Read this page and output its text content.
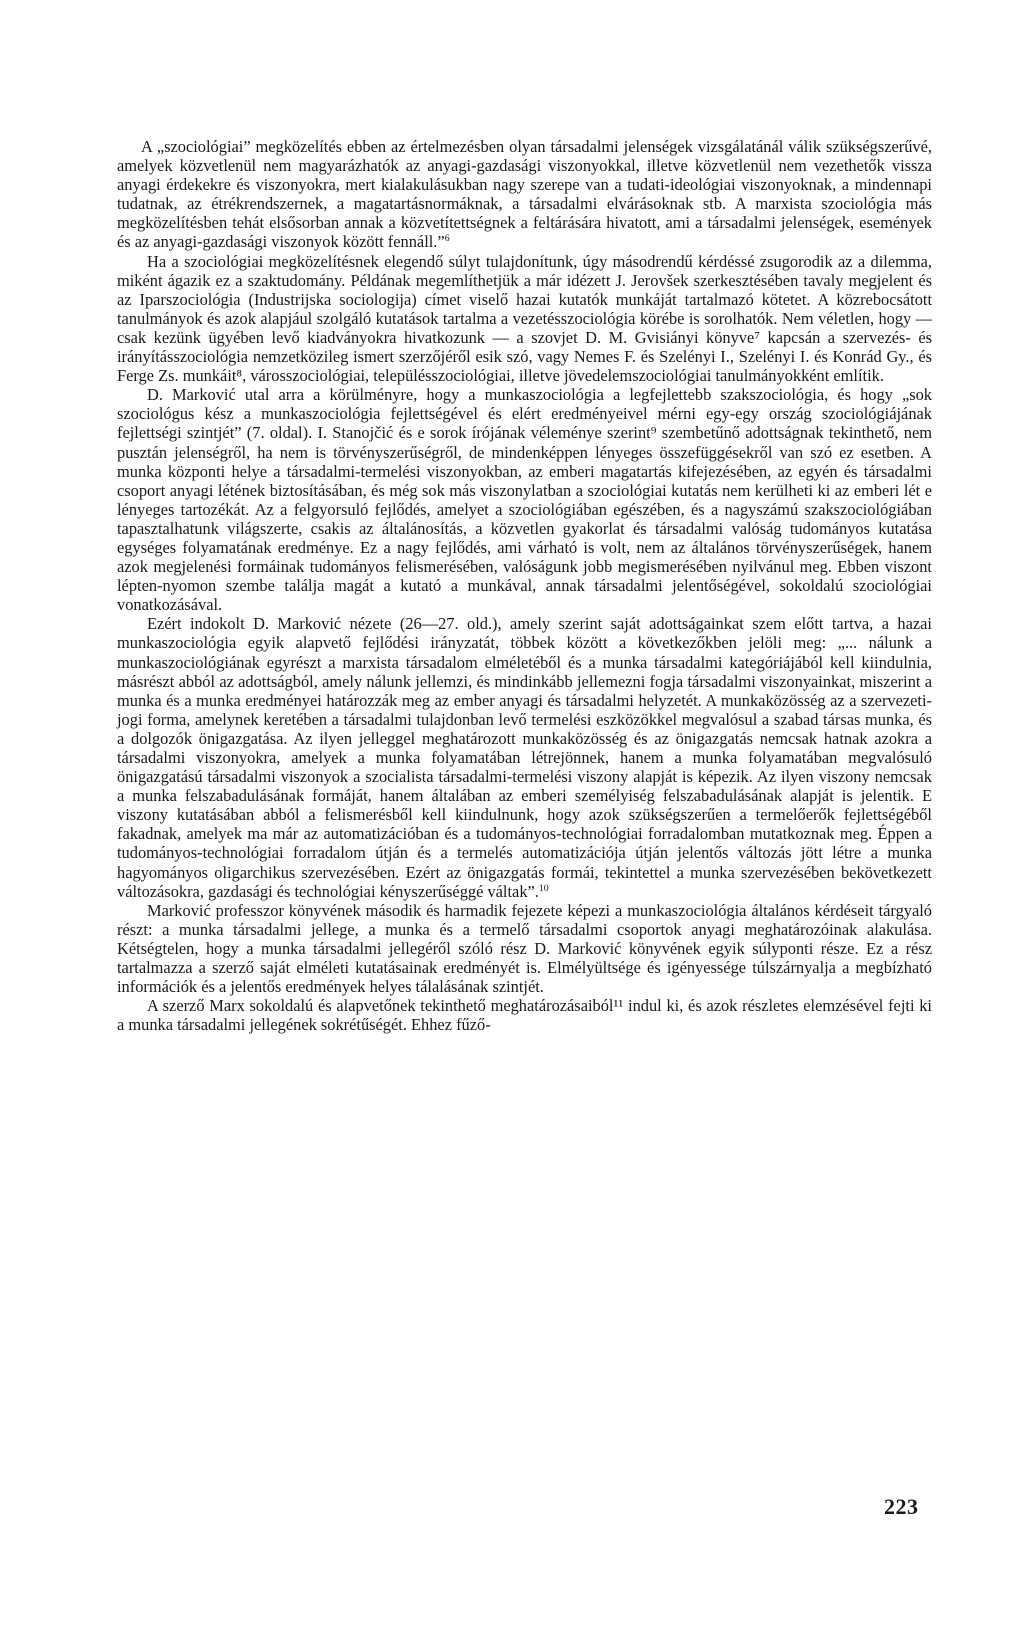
A „szociológiai” megközelítés ebben az értelmezésben olyan társadalmi jelenségek vizsgálatánál válik szükségszerűvé, amelyek közvetlenül nem magyarázhatók az anyagi-gazdasági viszonyokkal, illetve közvetlenül nem vezethetők vissza anyagi érdekekre és viszonyokra, mert kialakulásukban nagy szerepe van a tudati-ideológiai viszonyoknak, a mindennapi tudatnak, az étrékrendszernek, a magatartásnormáknak, a társadalmi elvárásoknak stb. A marxista szociológia más megközelítésben tehát elsősorban annak a közvetítettségnek a feltárására hivatott, ami a társadalmi jelenségek, események és az anyagi-gazdasági viszonyok között fennáll.”$^6$

Ha a szociológiai megközelítésnek elegendő súlyt tulajdonítunk, úgy másodrendű kérdéssé zsugorodik az a dilemma, miként ágazik ez a szaktudomány. Példának megemlíthetjük a már idézett J. Jerovšek szerkesztésében tavaly megjelent és az Iparszociológia (Industrijska sociologija) címet viselő hazai kutatók munkáját tartalmazó kötetet. A közrebocsátott tanulmányok és azok alapjául szolgáló kutatások tartalma a vezetésszociológia körébe is sorolhatók. Nem véletlen, hogy — csak kezünk ügyében levő kiadványokra hivatkozunk — a szovjet D. M. Gvisiányi könyve⁷ kapcsán a szervezés- és irányításszociológia nemzetközileg ismert szerzőjéről esik szó, vagy Nemes F. és Szelényi I., Szelényi I. és Konrád Gy., és Ferge Zs. munkáit⁸, városszociológiai, településszociológiai, illetve jövedelemszociológiai tanulmányokként említik.

D. Marković utal arra a körülményre, hogy a munkaszociológia a legfejlettebb szakszociológia, és hogy „sok szociológus kész a munkaszociológia fejlettségével és elért eredményeivel mérni egy-egy ország szociológiájának fejlettségi szintjét” (7. oldal). I. Stanojčić és e sorok írójának véleménye szerint⁹ szembetűnő adottságnak tekinthető, nem pusztán jelenségről, ha nem is törvényszerűségről, de mindenképpen lényeges összefüggésekről van szó ez esetben. A munka központi helye a társadalmi-termelési viszonyokban, az emberi magatartás kifejezésében, az egyén és társadalmi csoport anyagi létének biztosításában, és még sok más viszonylatban a szociológiai kutatás nem kerülheti ki az emberi lét e lényeges tartozékát. Az a felgyorsuló fejlődés, amelyet a szociológiában egészében, és a nagyszámú szakszociológiában tapasztalhatunk világszerte, csakis az általánosítás, a közvetlen gyakorlat és társadalmi valóság tudományos kutatása egységes folyamatának eredménye. Ez a nagy fejlődés, ami várható is volt, nem az általános törvényszerűségek, hanem azok megjelenési formáinak tudományos felismerésében, valóságunk jobb megismerésében nyilvánul meg. Ebben viszont lépten-nyomon szembe találja magát a kutató a munkával, annak társadalmi jelentőségével, sokoldalú szociológiai vonatkozásával.

Ezért indokolt D. Marković nézete (26—27. old.), amely szerint saját adottságainkat szem előtt tartva, a hazai munkaszociológia egyik alapvető fejlődési irányzatát, többek között a következőkben jelöli meg: „... nálunk a munkaszociológiának egyrészt a marxista társadalom elméletéből és a munka társadalmi kategóriájából kell kiindulnia, másrészt abból az adottságból, amely nálunk jellemzi, és mindinkább jellemezni fogja társadalmi viszonyainkat, miszerint a munka és a munka eredményei határozzák meg az ember anyagi és társadalmi helyzetét. A munkaközösség az a szervezeti-jogi forma, amelynek keretében a társadalmi tulajdonban levő termelési eszközökkel megvalósul a szabad társas munka, és a dolgozók önigazgatása. Az ilyen jelleggel meghatározott munkaközösség és az önigazgatás nemcsak hatnak azokra a társadalmi viszonyokra, amelyek a munka folyamatában létrejönnek, hanem a munka folyamatában megvalósuló önigazgatású társadalmi viszonyok a szocialista társadalmi-termelési viszony alapját is képezik. Az ilyen viszony nemcsak a munka felszabadulásának formáját, hanem általában az emberi személyiség felszabadulásának alapját is jelentik. E viszony kutatásában abból a felismerésből kell kiindulnunk, hogy azok szükségszerűen a termelőerők fejlettségéből fakadnak, amelyek ma már az automatizációban és a tudományos-technológiai forradalomban mutatkoznak meg. Éppen a tudományos-technológiai forradalom útján és a termelés automatizációja útján jelentős változás jött létre a munka hagyományos oligarchikus szervezésében. Ezért az önigazgatás formái, tekintettel a munka szervezésében bekövetkezett változásokra, gazdasági és technológiai kényszerűséggé váltak”.$^{10}$

Marković professzor könyvének második és harmadik fejezete képezi a munkaszociológia általános kérdéseit tárgyaló részt: a munka társadalmi jellege, a munka és a termelő társadalmi csoportok anyagi meghatározóinak alakulása. Kétségtelen, hogy a munka társadalmi jellegéről szóló rész D. Marković könyvének egyik súlyponti része. Ez a rész tartalmazza a szerző saját elméleti kutatásainak eredményét is. Elmélyültsége és igényessége túlszárnyalja a megbízható információk és a jelentős eredmények helyes tálalásának szintjét.

A szerző Marx sokoldalú és alapvetőnek tekinthető meghatározásaiból¹¹ indul ki, és azok részletes elemzésével fejti ki a munka társadalmi jellegének sokrétűségét. Ehhez fűző-

223
